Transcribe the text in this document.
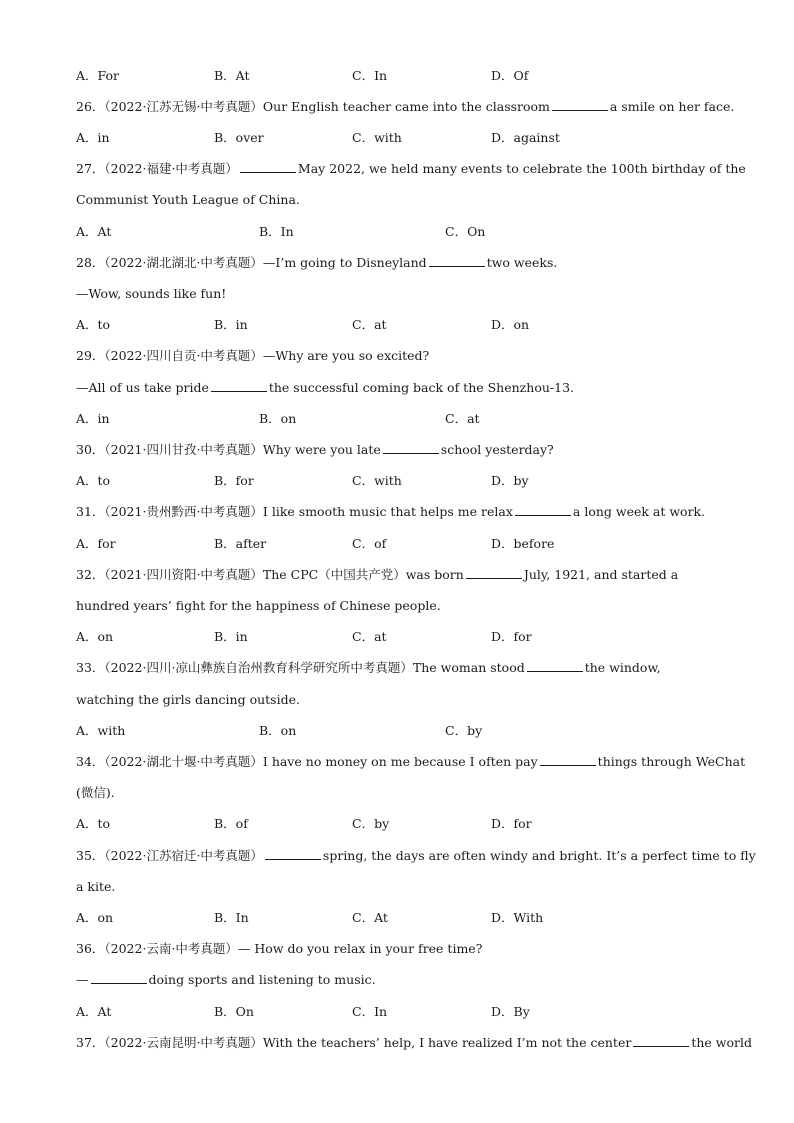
A．For	B．At	C．In	D．Of
26．（2022·江苏无锡·中考真题）Our English teacher came into the classroom	a smile on her face.
A．in	B．over	C．with	D．against
27．（2022·福建·中考真题）	May 2022, we held many events to celebrate the 100th birthday of the
Communist Youth League of China.
A．At	B．In	C．On
28．（2022·湖北湖北·中考真题）—I’m going to Disneyland	two weeks.
—Wow, sounds like fun!
A．to	B．in	C．at	D．on
29．（2022·四川自贡·中考真题）—Why are you so excited?
—All of us take pride	the successful coming back of the Shenzhou-13.
A．in	B．on	C．at
30．（2021·四川甘孜·中考真题）Why were you late	school yesterday?
A．to	B．for	C．with	D．by
31．（2021·贵州黔西·中考真题）I like smooth music that helps me relax	a long week at work.
A．for	B．after	C．of	D．before
32．（2021·四川资阳·中考真题）The CPC（中国共产党）was born	July, 1921, and started a
hundred years’ fight for the happiness of Chinese people.
A．on	B．in	C．at	D．for
33．（2022·四川·凉山彝族自治州教育科学研究所中考真题）The woman stood	the window,
watching the girls dancing outside.
A．with	B．on	C．by
34．（2022·湖北十堰·中考真题）I have no money on me because I often pay	things through WeChat
(微信).
A．to	B．of	C．by	D．for
35．（2022·江苏宿迁·中考真题）	spring, the days are often windy and bright. It’s a perfect time to fly
a kite.
A．on	B．In	C．At	D．With
36．（2022·云南·中考真题）— How do you relax in your free time?
—	doing sports and listening to music.
A．At	B．On	C．In	D．By
37．（2022·云南昆明·中考真题）With the teachers’ help, I have realized I’m not the center	the world
